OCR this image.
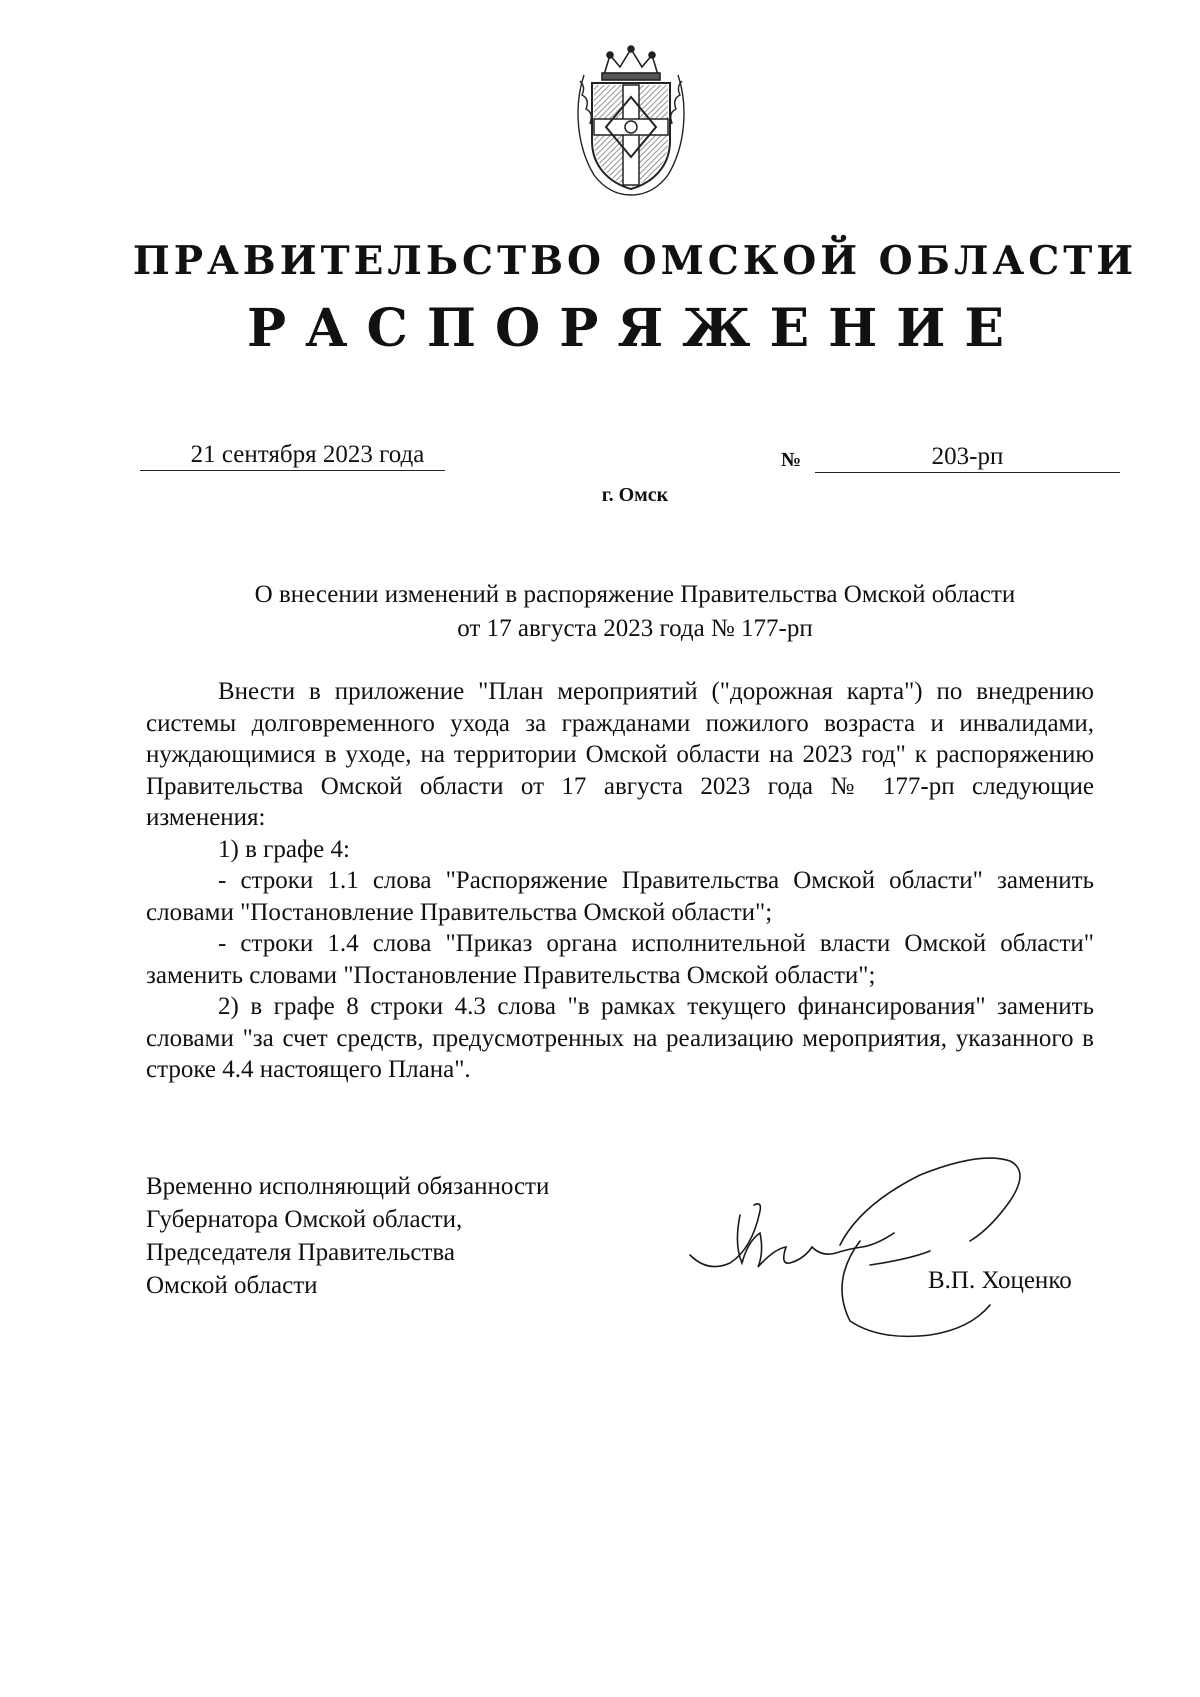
ПРАВИТЕЛЬСТВО ОМСКОЙ ОБЛАСТИ
РАСПОРЯЖЕНИЕ
21 сентября 2023 года	№	203-рп
г. Омск
О внесении изменений в распоряжение Правительства Омской области от 17 августа 2023 года № 177-рп

Внести в приложение "План мероприятий ("дорожная карта") по внедрению системы долговременного ухода за гражданами пожилого возраста и инвалидами, нуждающимися в уходе, на территории Омской области на 2023 год" к распоряжению Правительства Омской области от 17 августа 2023 года № 177-рп следующие изменения:

1) в графе 4:

- строки 1.1 слова "Распоряжение Правительства Омской области" заменить словами "Постановление Правительства Омской области";

- строки 1.4 слова "Приказ органа исполнительной власти Омской области" заменить словами "Постановление Правительства Омской области";

2) в графе 8 строки 4.3 слова "в рамках текущего финансирования" заменить словами "за счет средств, предусмотренных на реализацию мероприятия, указанного в строке 4.4 настоящего Плана".

Временно исполняющий обязанности
Губернатора Омской области,
Председателя Правительства
Омской области	В.П. Хоценко
